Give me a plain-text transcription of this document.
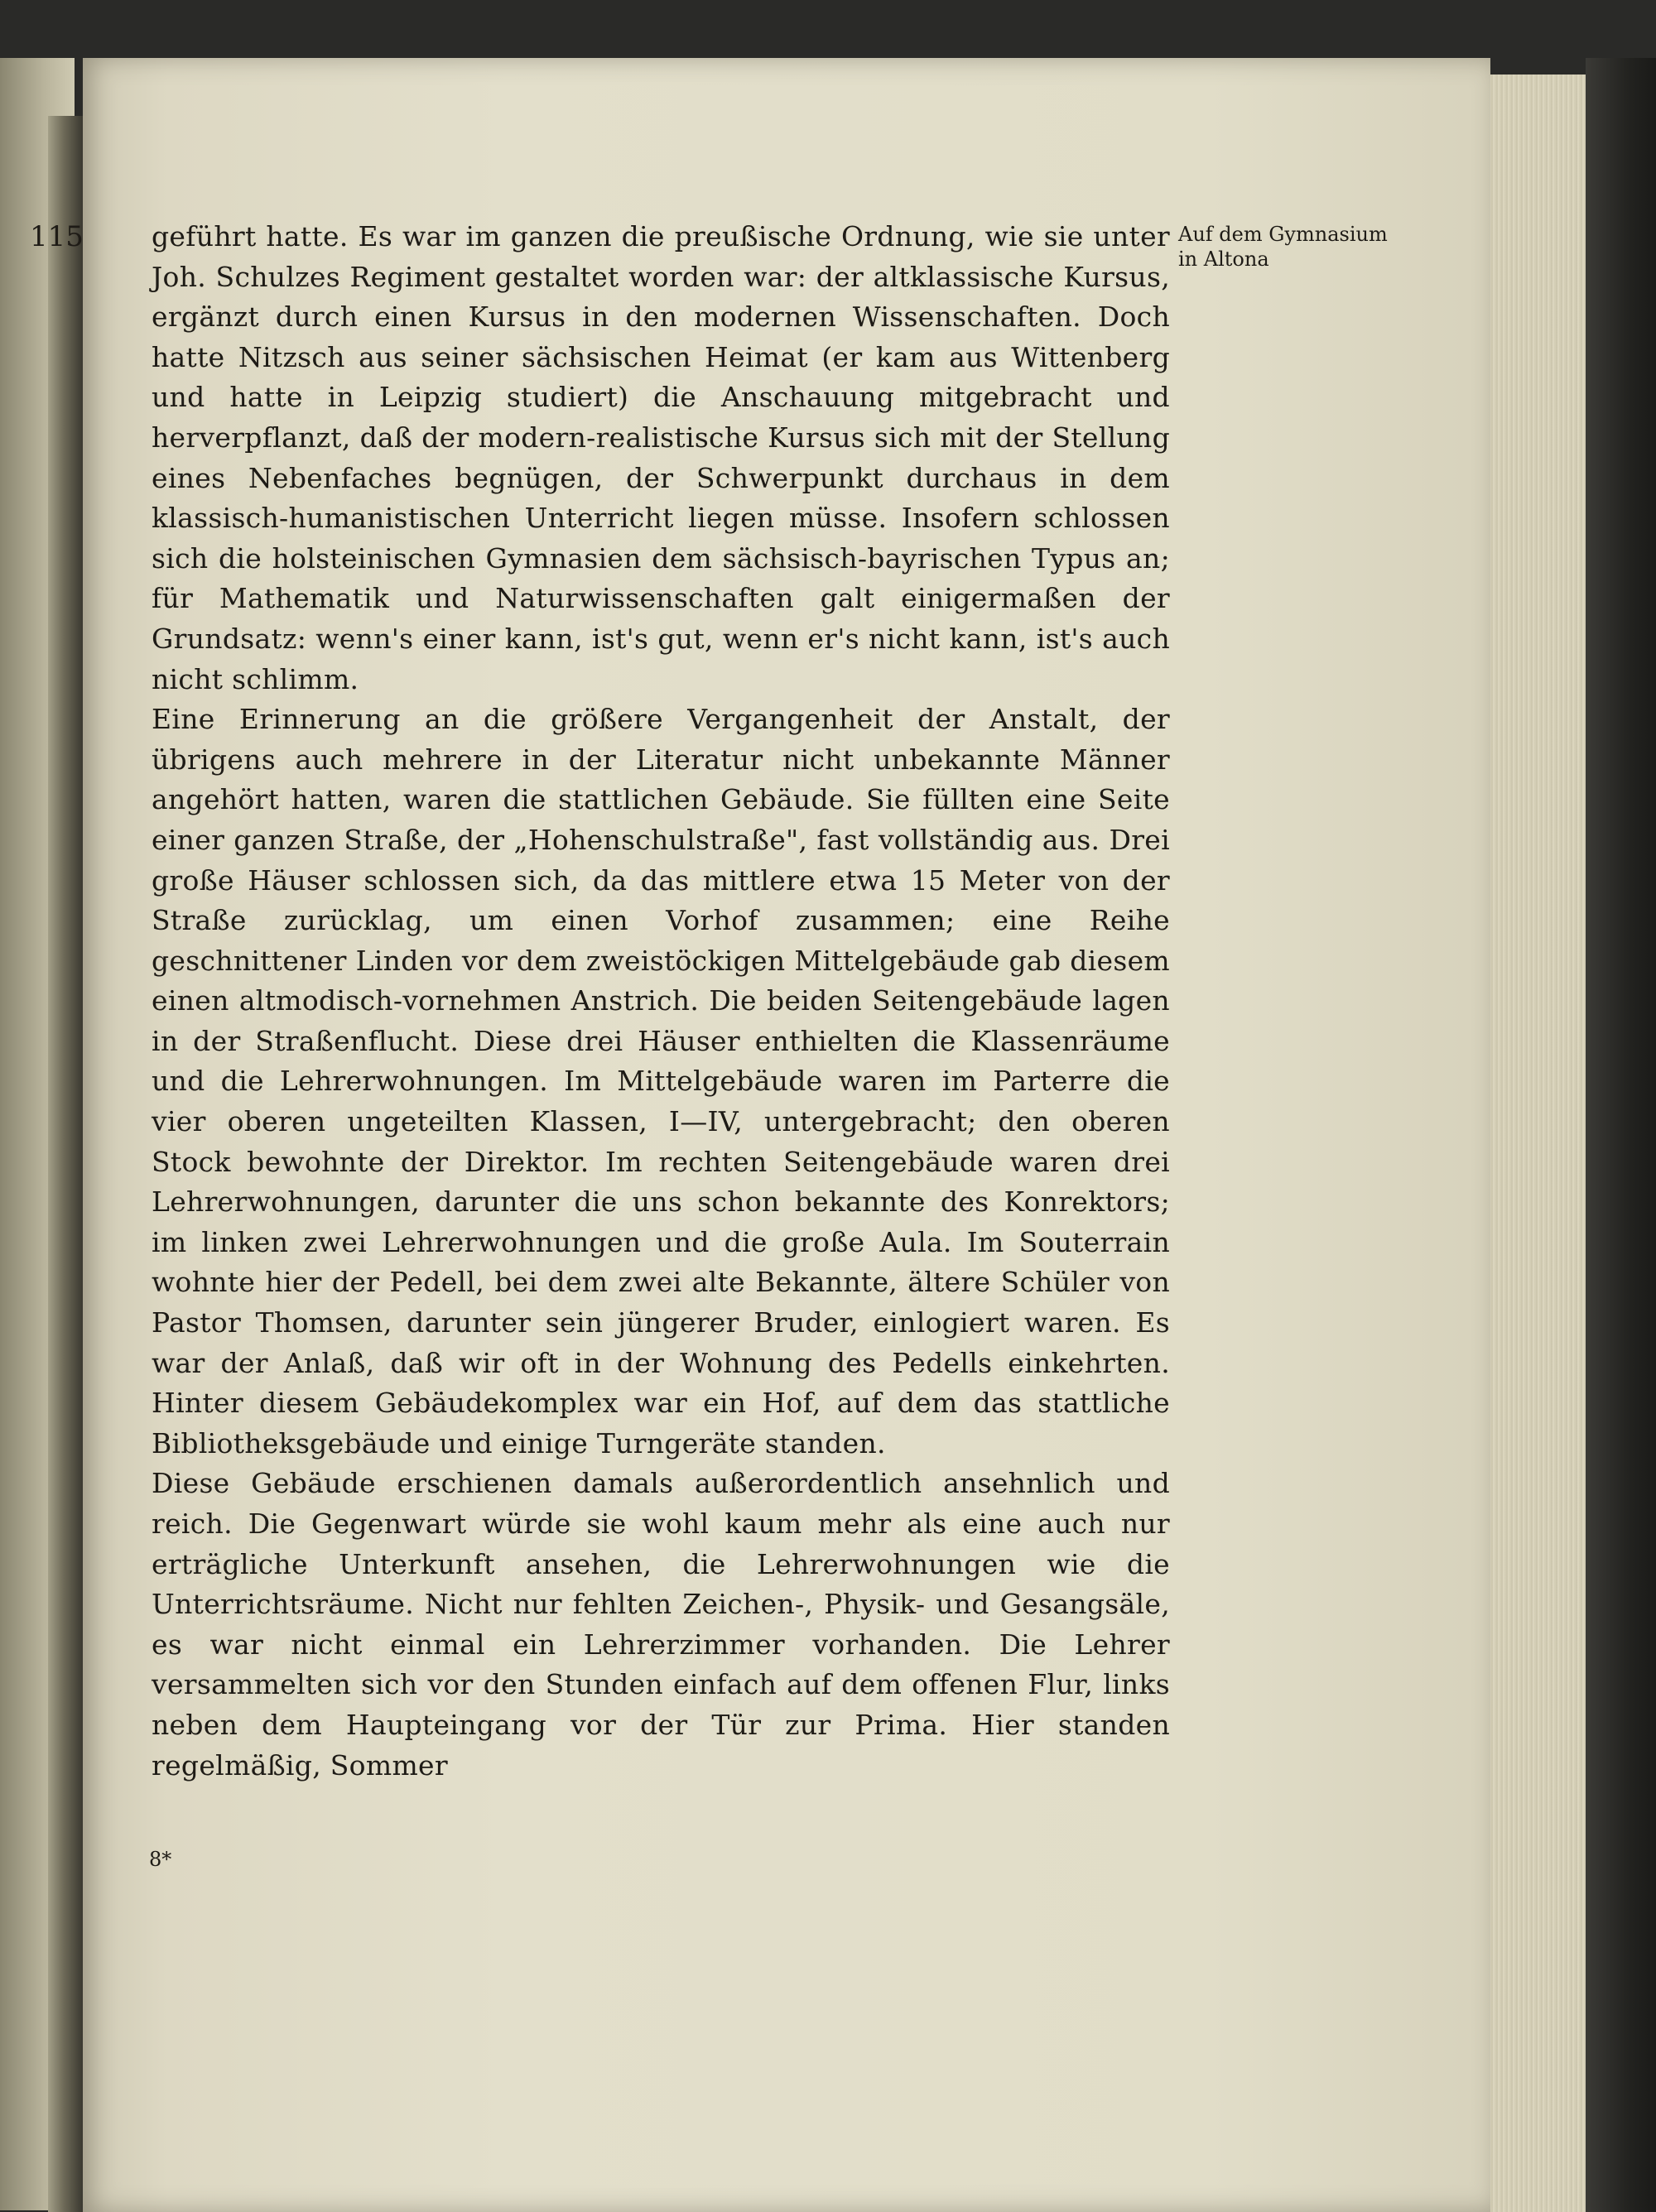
115 geführt hatte. Es war im ganzen die preußische Ordnung, wie sie unter Joh. Schulzes Regiment gestaltet worden war: der altklassische Kursus, ergänzt durch einen Kursus in den modernen Wissenschaften. Doch hatte Nitzsch aus seiner sächsischen Heimat (er kam aus Wittenberg und hatte in Leipzig studiert) die Anschauung mitgebracht und herverpflanzt, daß der modern-realistische Kursus sich mit der Stellung eines Nebenfaches begnügen, der Schwerpunkt durchaus in dem klassisch-humanistischen Unterricht liegen müsse. Insofern schlossen sich die holsteinischen Gymnasien dem sächsisch-bayrischen Typus an; für Mathematik und Naturwissenschaften galt einigermaßen der Grundsatz: wenn's einer kann, ist's gut, wenn er's nicht kann, ist's auch nicht schlimm.

Eine Erinnerung an die größere Vergangenheit der Anstalt, der übrigens auch mehrere in der Literatur nicht unbekannte Männer angehört hatten, waren die stattlichen Gebäude. Sie füllten eine Seite einer ganzen Straße, der „Hohenschulstraße", fast vollständig aus. Drei große Häuser schlossen sich, da das mittlere etwa 15 Meter von der Straße zurücklag, um einen Vorhof zusammen; eine Reihe geschnittener Linden vor dem zweistöckigen Mittelgebäude gab diesem einen altmodisch-vornehmen Anstrich. Die beiden Seitengebäude lagen in der Straßenflucht. Diese drei Häuser enthielten die Klassenräume und die Lehrerwohnungen. Im Mittelgebäude waren im Parterre die vier oberen ungeteilten Klassen, I—IV, untergebracht; den oberen Stock bewohnte der Direktor. Im rechten Seitengebäude waren drei Lehrerwohnungen, darunter die uns schon bekannte des Konrektors; im linken zwei Lehrerwohnungen und die große Aula. Im Souterrain wohnte hier der Pedell, bei dem zwei alte Bekannte, ältere Schüler von Pastor Thomsen, darunter sein jüngerer Bruder, einlogiert waren. Es war der Anlaß, daß wir oft in der Wohnung des Pedells einkehrten. Hinter diesem Gebäudekomplex war ein Hof, auf dem das stattliche Bibliotheksgebäude und einige Turngeräte standen.

Diese Gebäude erschienen damals außerordentlich ansehnlich und reich. Die Gegenwart würde sie wohl kaum mehr als eine auch nur erträgliche Unterkunft ansehen, die Lehrerwohnungen wie die Unterrichtsräume. Nicht nur fehlten Zeichen-, Physik- und Gesangsäle, es war nicht einmal ein Lehrerzimmer vorhanden. Die Lehrer versammelten sich vor den Stunden einfach auf dem offenen Flur, links neben dem Haupteingang vor der Tür zur Prima. Hier standen regelmäßig, Sommer

Auf dem Gymnasium in Altona
8*
